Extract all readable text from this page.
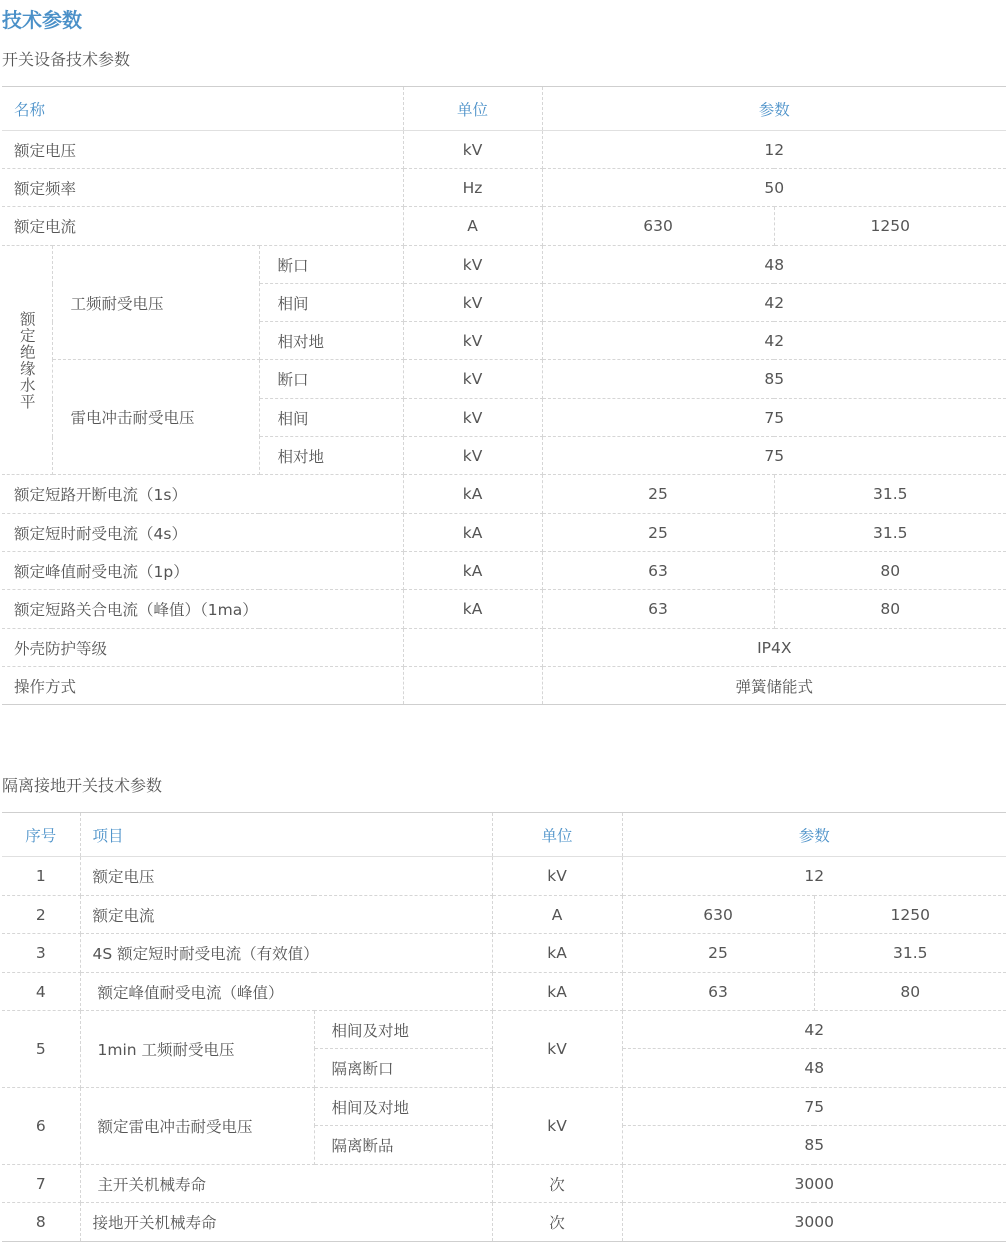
技术参数
开关设备技术参数
名称			单位	参数	
额定电压			kV	12	
额定频率			Hz	50	
额定电流			A	630	1250

额定绝缘水平	工频耐受电压	断口	kV	48	
		相间	kV	42	
		相对地	kV	42	
	雷电冲击耐受电压	断口	kV	85	
		相间	kV	75	
		相对地	kV	75	
额定短路开断电流（1s）			kA	25	31.5
额定短时耐受电流（4s）			kA	25	31.5
额定峰值耐受电流（1p）			kA	63	80
额定短路关合电流（峰值）（1ma）			kA	63	80
外壳防护等级				IP4X	
操作方式				弹簧储能式	
隔离接地开关技术参数
序号	项目		单位	参数	
1	额定电压		kV	12	
2	额定电流		A	630	1250
3	4S 额定短时耐受电流（有效值）		kA	25	31.5
4	额定峰值耐受电流（峰值）		kA	63	80
5	1min 工频耐受电压	相间及对地	kV	42	
		隔离断口		48	
6	额定雷电冲击耐受电压	相间及对地	kV	75	
		隔离断品		85	
7	主开关机械寿命		次	3000	
8	接地开关机械寿命		次	3000	
